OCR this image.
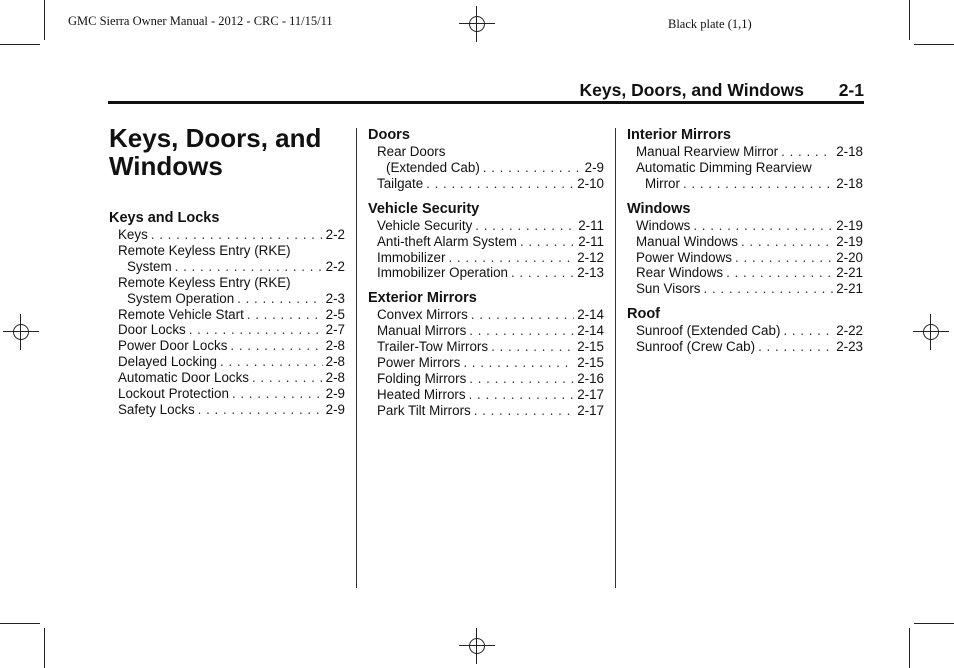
GMC Sierra Owner Manual - 2012 - CRC - 11/15/11	Black plate (1,1)
Keys, Doors, and Windows 2-1
Keys, Doors, and Windows
Keys and Locks
Keys . . .	2-2
Remote Keyless Entry (RKE)
System . . .	2-2
Remote Keyless Entry (RKE)
System Operation . . .	2-3
Remote Vehicle Start . . .	2-5
Door Locks . . .	2-7
Power Door Locks . . .	2-8
Delayed Locking . . .	2-8
Automatic Door Locks . . .	2-8
Lockout Protection . . .	2-9
Safety Locks . . .	2-9
Doors
Rear Doors
(Extended Cab) . . .	2-9
Tailgate . . .	2-10
Vehicle Security
Vehicle Security . . .	2-11
Anti-theft Alarm System . . .	2-11
Immobilizer . . .	2-12
Immobilizer Operation . . .	2-13
Exterior Mirrors
Convex Mirrors . . .	2-14
Manual Mirrors . . .	2-14
Trailer-Tow Mirrors . . .	2-15
Power Mirrors . . .	2-15
Folding Mirrors . . .	2-16
Heated Mirrors . . .	2-17
Park Tilt Mirrors . . .	2-17
Interior Mirrors
Manual Rearview Mirror . . .	2-18
Automatic Dimming Rearview
Mirror . . .	2-18
Windows
Windows . . .	2-19
Manual Windows . . .	2-19
Power Windows . . .	2-20
Rear Windows . . .	2-21
Sun Visors . . .	2-21
Roof
Sunroof (Extended Cab) . . .	2-22
Sunroof (Crew Cab) . . .	2-23
